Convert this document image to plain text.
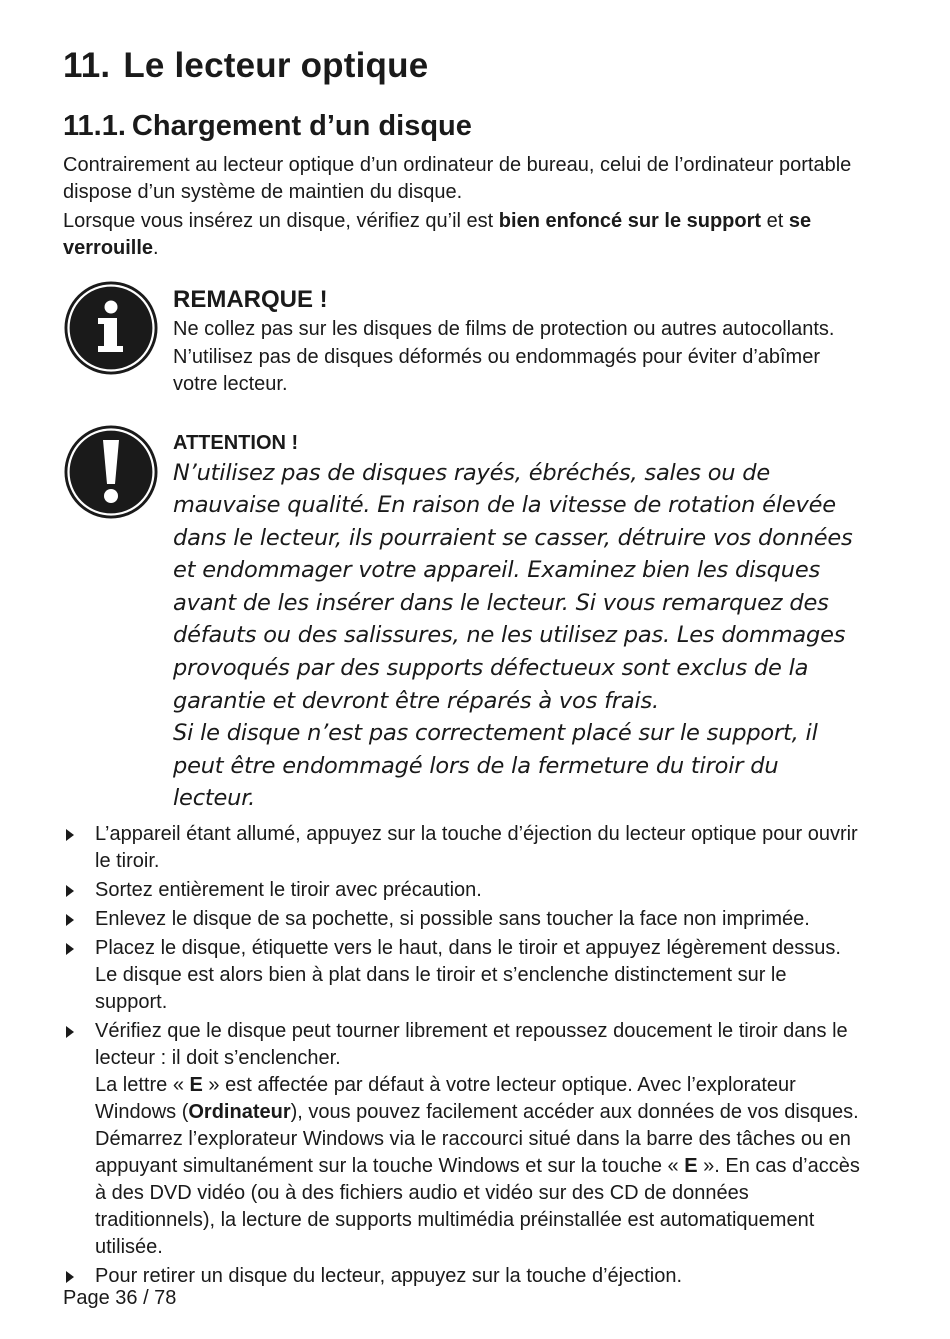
11. Le lecteur optique
11.1. Chargement d’un disque

Contrairement au lecteur optique d’un ordinateur de bureau, celui de l’ordinateur portable dispose d’un système de maintien du disque.

Lorsque vous insérez un disque, vérifiez qu’il est bien enfoncé sur le support et se verrouille.

REMARQUE !
Ne collez pas sur les disques de films de protection ou autres autocollants. N’utilisez pas de disques déformés ou endommagés pour éviter d’abîmer votre lecteur.
ATTENTION !
N’utilisez pas de disques rayés, ébréchés, sales ou de mauvaise qualité. En raison de la vitesse de rotation élevée dans le lecteur, ils pourraient se casser, détruire vos données et endommager votre appareil. Examinez bien les disques avant de les insérer dans le lecteur. Si vous remarquez des défauts ou des salissures, ne les utilisez pas. Les dommages provoqués par des supports défectueux sont exclus de la garantie et devront être réparés à vos frais.
Si le disque n’est pas correctement placé sur le support, il peut être endommagé lors de la fermeture du tiroir du lecteur.
L’appareil étant allumé, appuyez sur la touche d’éjection du lecteur optique pour ouvrir le tiroir.
Sortez entièrement le tiroir avec précaution.
Enlevez le disque de sa pochette, si possible sans toucher la face non imprimée.
Placez le disque, étiquette vers le haut, dans le tiroir et appuyez légèrement dessus. Le disque est alors bien à plat dans le tiroir et s’enclenche distinctement sur le support.
Vérifiez que le disque peut tourner librement et repoussez doucement le tiroir dans le lecteur : il doit s’enclencher.
La lettre « E » est affectée par défaut à votre lecteur optique. Avec l’explorateur Windows (Ordinateur), vous pouvez facilement accéder aux données de vos disques. Démarrez l’explorateur Windows via le raccourci situé dans la barre des tâches ou en appuyant simultanément sur la touche Windows et sur la touche « E ». En cas d’accès à des DVD vidéo (ou à des fichiers audio et vidéo sur des CD de données traditionnels), la lecture de supports multimédia préinstallée est automatiquement utilisée.
Pour retirer un disque du lecteur, appuyez sur la touche d’éjection.
Page 36 / 78
